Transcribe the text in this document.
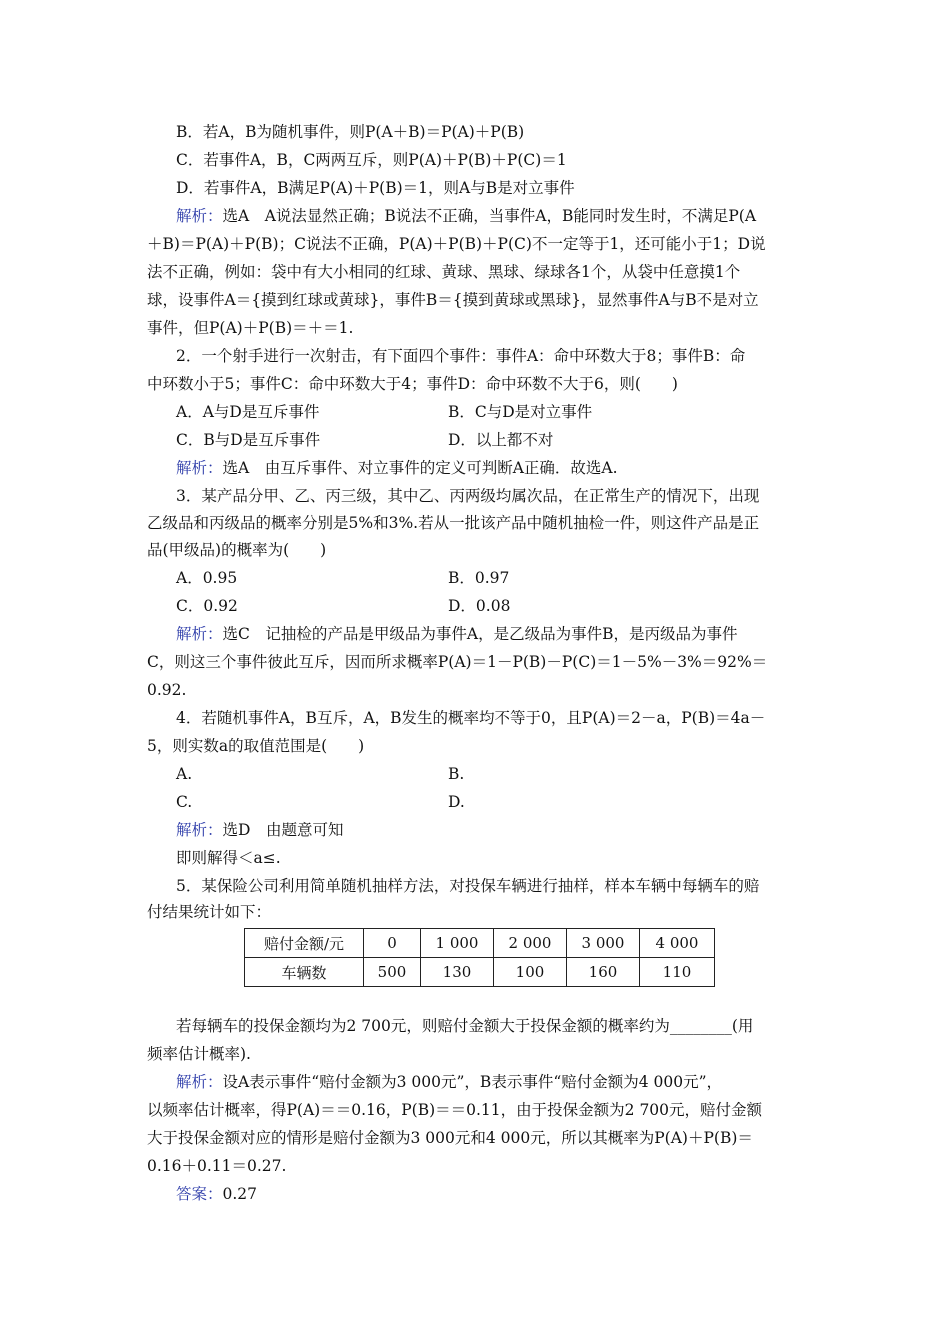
B．若A，B为随机事件，则P(A＋B)＝P(A)＋P(B)
C．若事件A，B，C两两互斥，则P(A)＋P(B)＋P(C)＝1
D．若事件A，B满足P(A)＋P(B)＝1，则A与B是对立事件
解析：选A　A说法显然正确；B说法不正确，当事件A，B能同时发生时，不满足P(A
＋B)＝P(A)＋P(B)；C说法不正确，P(A)＋P(B)＋P(C)不一定等于1，还可能小于1；D说
法不正确，例如：袋中有大小相同的红球、黄球、黑球、绿球各1个，从袋中任意摸1个
球，设事件A＝{摸到红球或黄球}，事件B＝{摸到黄球或黑球}，显然事件A与B不是对立
事件，但P(A)＋P(B)＝＋＝1.
2．一个射手进行一次射击，有下面四个事件：事件A：命中环数大于8；事件B：命
中环数小于5；事件C：命中环数大于4；事件D：命中环数不大于6，则(　　)
A．A与D是互斥事件	B．C与D是对立事件
C．B与D是互斥事件	D．以上都不对
解析：选A　由互斥事件、对立事件的定义可判断A正确．故选A.
3．某产品分甲、乙、丙三级，其中乙、丙两级均属次品，在正常生产的情况下，出现
乙级品和丙级品的概率分别是5%和3%.若从一批该产品中随机抽检一件，则这件产品是正
品(甲级品)的概率为(　　)
A．0.95	B．0.97
C．0.92	D．0.08
解析：选C　记抽检的产品是甲级品为事件A，是乙级品为事件B，是丙级品为事件
C，则这三个事件彼此互斥，因而所求概率P(A)＝1－P(B)－P(C)＝1－5%－3%＝92%＝
0.92.
4．若随机事件A，B互斥，A，B发生的概率均不等于0，且P(A)＝2－a，P(B)＝4a－
5，则实数a的取值范围是(　　)
A.	B.
C.	D.
解析：选D　由题意可知
即则解得＜a≤.
5．某保险公司利用简单随机抽样方法，对投保车辆进行抽样，样本车辆中每辆车的赔
付结果统计如下：
赔付金额/元	0	1 000	2 000	3 000	4 000
车辆数	500	130	100	160	110
若每辆车的投保金额均为2 700元，则赔付金额大于投保金额的概率约为________(用
频率估计概率).
解析：设A表示事件“赔付金额为3 000元”，B表示事件“赔付金额为4 000元”，
以频率估计概率，得P(A)＝＝0.16，P(B)＝＝0.11，由于投保金额为2 700元，赔付金额
大于投保金额对应的情形是赔付金额为3 000元和4 000元，所以其概率为P(A)＋P(B)＝
0.16＋0.11＝0.27.
答案：0.27
